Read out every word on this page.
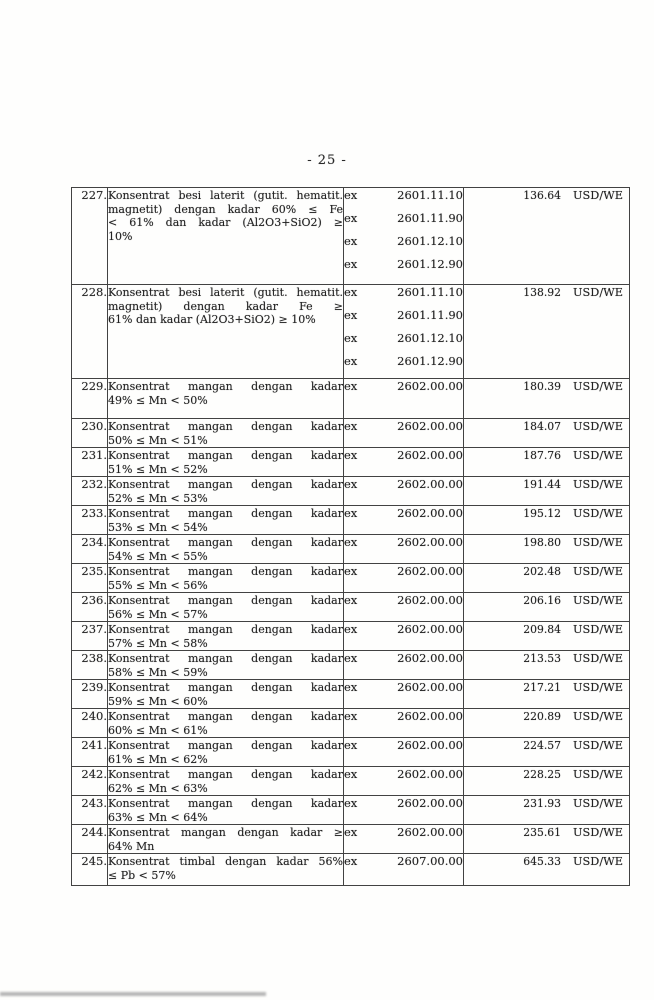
- 25 -
227.	Konsentrat besi laterit (gutit. hematit.
magnetit) dengan kadar 60% ≤ Fe
< 61% dan kadar (Al2O3+SiO2) ≥
10%

ex	2601.11.10
ex	2601.11.90
ex	2601.12.10
ex	2601.12.90

136.64 USD/WE

228.	Konsentrat besi laterit (gutit. hematit.
magnetit) dengan kadar Fe ≥
61% dan kadar (Al2O3+SiO2) ≥ 10%

ex	2601.11.10
ex	2601.11.90
ex	2601.12.10
ex	2601.12.90

138.92 USD/WE

229.	Konsentrat mangan dengan kadar
49% ≤ Mn < 50%

ex	2602.00.00	180.39 USD/WE

230.	Konsentrat mangan dengan kadar
50% ≤ Mn < 51%

ex	2602.00.00	184.07 USD/WE

231.	Konsentrat mangan dengan kadar
51% ≤ Mn < 52%

ex	2602.00.00	187.76 USD/WE

232.	Konsentrat mangan dengan kadar
52% ≤ Mn < 53%

ex	2602.00.00	191.44 USD/WE

233.	Konsentrat mangan dengan kadar
53% ≤ Mn < 54%

ex	2602.00.00	195.12 USD/WE

234.	Konsentrat mangan dengan kadar
54% ≤ Mn < 55%

ex	2602.00.00	198.80 USD/WE

235.	Konsentrat mangan dengan kadar
55% ≤ Mn < 56%

ex	2602.00.00	202.48 USD/WE

236.	Konsentrat mangan dengan kadar
56% ≤ Mn < 57%

ex	2602.00.00	206.16 USD/WE

237.	Konsentrat mangan dengan kadar
57% ≤ Mn < 58%

ex	2602.00.00	209.84 USD/WE

238.	Konsentrat mangan dengan kadar
58% ≤ Mn < 59%

ex	2602.00.00	213.53 USD/WE

239.	Konsentrat mangan dengan kadar
59% ≤ Mn < 60%

ex	2602.00.00	217.21 USD/WE

240.	Konsentrat mangan dengan kadar
60% ≤ Mn < 61%

ex	2602.00.00	220.89 USD/WE

241.	Konsentrat mangan dengan kadar
61% ≤ Mn < 62%

ex	2602.00.00	224.57 USD/WE

242.	Konsentrat mangan dengan kadar
62% ≤ Mn < 63%

ex	2602.00.00	228.25 USD/WE

243.	Konsentrat mangan dengan kadar
63% ≤ Mn < 64%

ex	2602.00.00	231.93 USD/WE

244.	Konsentrat mangan dengan kadar ≥
64% Mn

ex	2602.00.00	235.61 USD/WE

245.	Konsentrat timbal dengan kadar 56%
≤ Pb < 57%

ex	2607.00.00	645.33 USD/WE
